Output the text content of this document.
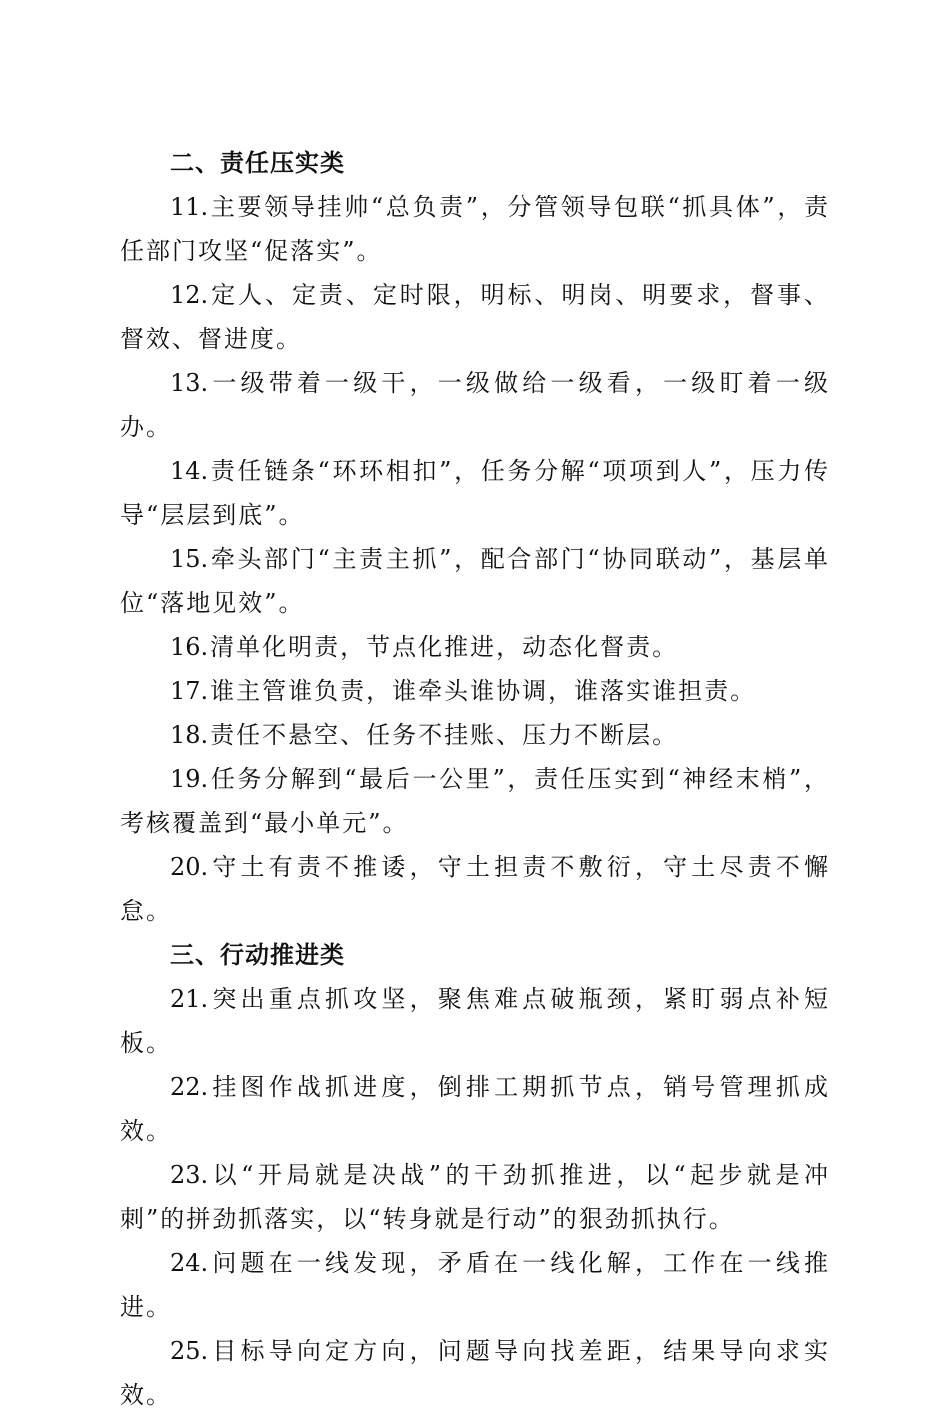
二、责任压实类

11.主要领导挂帅“总负责”，分管领导包联“抓具体”，责任部门攻坚“促落实”。

12.定人、定责、定时限，明标、明岗、明要求，督事、督效、督进度。

13.一级带着一级干，一级做给一级看，一级盯着一级办。

14.责任链条“环环相扣”，任务分解“项项到人”，压力传导“层层到底”。

15.牵头部门“主责主抓”，配合部门“协同联动”，基层单位“落地见效”。

16.清单化明责，节点化推进，动态化督责。

17.谁主管谁负责，谁牵头谁协调，谁落实谁担责。

18.责任不悬空、任务不挂账、压力不断层。

19.任务分解到“最后一公里”，责任压实到“神经末梢”，考核覆盖到“最小单元”。

20.守土有责不推诿，守土担责不敷衍，守土尽责不懈怠。

三、行动推进类

21.突出重点抓攻坚，聚焦难点破瓶颈，紧盯弱点补短板。

22.挂图作战抓进度，倒排工期抓节点，销号管理抓成效。

23.以“开局就是决战”的干劲抓推进，以“起步就是冲刺”的拼劲抓落实，以“转身就是行动”的狠劲抓执行。

24.问题在一线发现，矛盾在一线化解，工作在一线推进。

25.目标导向定方向，问题导向找差距，结果导向求实效。
